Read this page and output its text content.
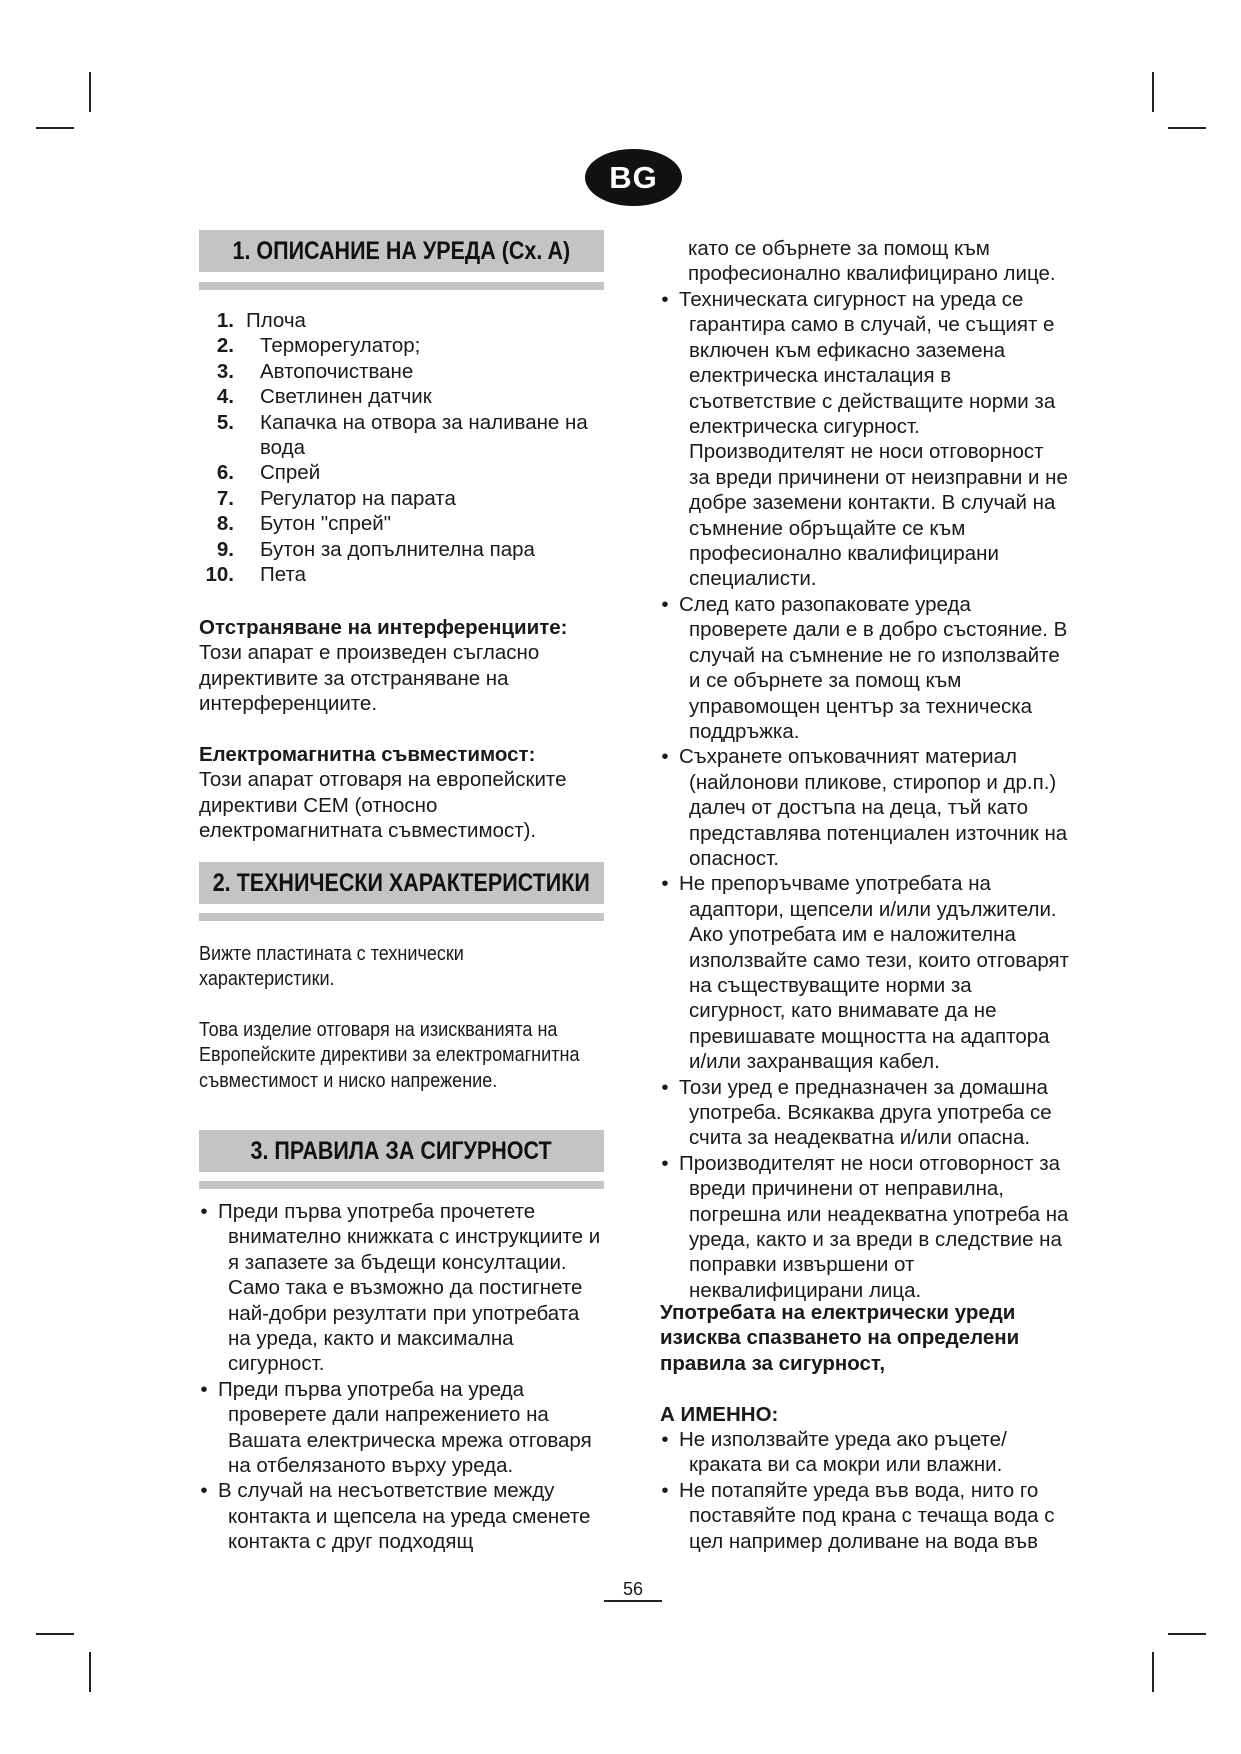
BG
1. ОПИСАНИЕ НА УРЕДА (Cx. A)
1. Плоча
2. Терморегулатор;
3. Автопочистване
4. Светлинен датчик
5. Капачка на отвора за наливане на вода
6. Спрей
7. Регулатор на парата
8. Бутон "спрей"
9. Бутон за допълнителна пара
10. Пета
Отстраняване на интерференциите:
Този апарат е произведен съгласно директивите за отстраняване на интерференциите.
Електромагнитна съвместимост:
Този апарат отговаря на европейските директиви CEM (относно електромагнитната съвместимост).
2. ТЕХНИЧЕСКИ ХАРАКТЕРИСТИКИ
Вижте пластината с технически характеристики.
Това изделие отговаря на изискванията на Европейските директиви за електромагнитна съвместимост и ниско напрежение.
3. ПРАВИЛА ЗА СИГУРНОСТ
• Преди първа употреба прочетете внимателно книжката с инструкциите и я запазете за бъдещи консултации. Само така е възможно да постигнете най-добри резултати при употребата на уреда, както и максимална сигурност.
• Преди първа употреба на уреда проверете дали напрежението на Вашата електрическа мрежа отговаря на отбелязаното върху уреда.
• В случай на несъответствие между контакта и щепсела на уреда сменете контакта с друг подходящ
като се обърнете за помощ към професионално квалифицирано лице.
• Техническата сигурност на уреда се гарантира само в случай, че същият е включен към ефикасно заземена електрическа инсталация в съответствие с действащите норми за електрическа сигурност. Производителят не носи отговорност за вреди причинени от неизправни и не добре заземени контакти. В случай на съмнение обръщайте се към професионално квалифицирани специалисти.
• След като разопаковате уреда проверете дали е в добро състояние. В случай на съмнение не го използвайте и се обърнете за помощ към управомощен център за техническа поддръжка.
• Съхранете опъковачният материал (найлонови пликове, стиропор и др.п.) далеч от достъпа на деца, тъй като представлява потенциален източник на опасност.
• Не препоръчваме употребата на адаптори, щепсели и/или удължители. Ако употребата им е наложителна използвайте само тези, които отговарят на съществуващите норми за сигурност, като внимавате да не превишавате мощността на адаптора и/или захранващия кабел.
• Този уред е предназначен за домашна употреба. Всякаква друга употреба се счита за неадекватна и/или опасна.
• Производителят не носи отговорност за вреди причинени от неправилна, погрешна или неадекватна употреба на уреда, както и за вреди в следствие на поправки извършени от неквалифицирани лица.
Употребата на електрически уреди изисква спазването на определени правила за сигурност,
А ИМЕННО:
• Не използвайте уреда ако ръцете/ краката ви са мокри или влажни.
• Не потапяйте уреда във вода, нито го поставяйте под крана с течаща вода с цел например доливане на вода във
56
